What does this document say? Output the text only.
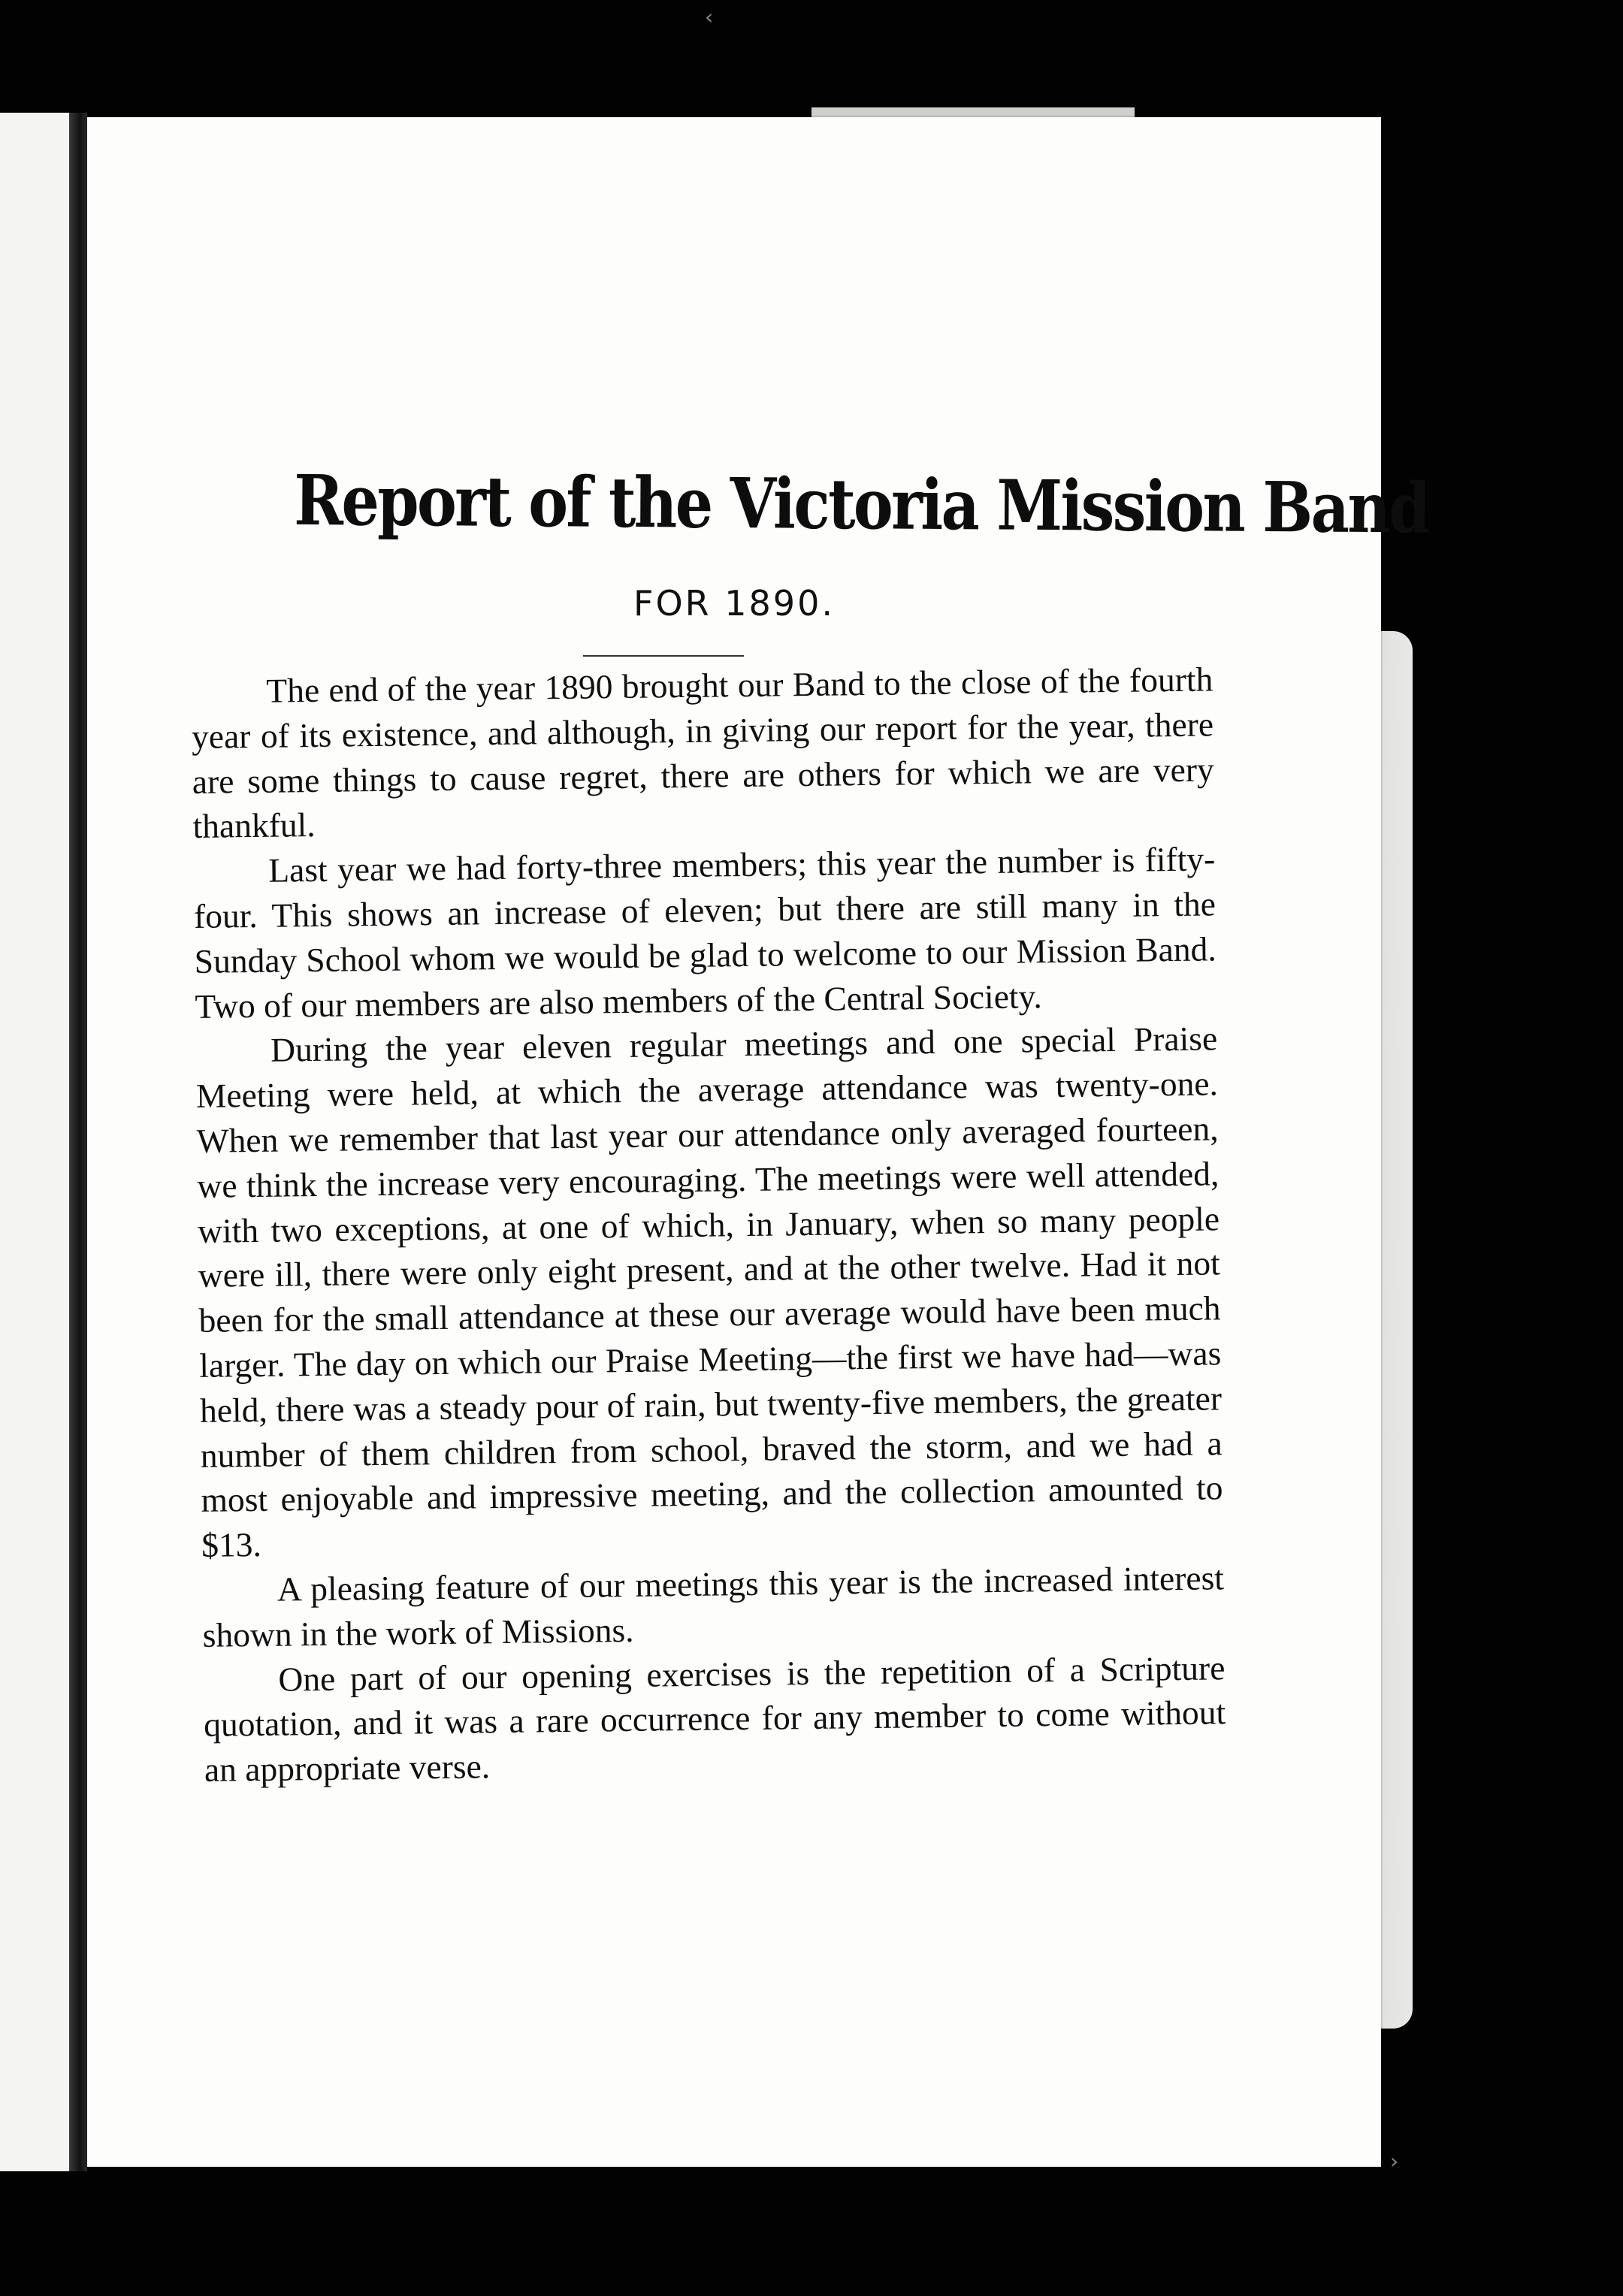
Report of the Victoria Mission Band
FOR 1890.

The end of the year 1890 brought our Band to the close of the fourth year of its existence, and although, in giving our report for the year, there are some things to cause regret, there are others for which we are very thankful.

Last year we had forty-three members; this year the number is fifty-four. This shows an increase of eleven; but there are still many in the Sunday School whom we would be glad to welcome to our Mission Band. Two of our members are also members of the Central Society.

During the year eleven regular meetings and one special Praise Meeting were held, at which the average attendance was twenty-one. When we remember that last year our attendance only averaged fourteen, we think the increase very encouraging. The meetings were well attended, with two exceptions, at one of which, in January, when so many people were ill, there were only eight present, and at the other twelve. Had it not been for the small attendance at these our average would have been much larger. The day on which our Praise Meeting—the first we have had—was held, there was a steady pour of rain, but twenty-five members, the greater number of them children from school, braved the storm, and we had a most enjoyable and impressive meeting, and the collection amounted to $13.

A pleasing feature of our meetings this year is the increased interest shown in the work of Missions.

One part of our opening exercises is the repetition of a Scripture quotation, and it was a rare occurrence for any member to come without an appropriate verse.

‹
›
